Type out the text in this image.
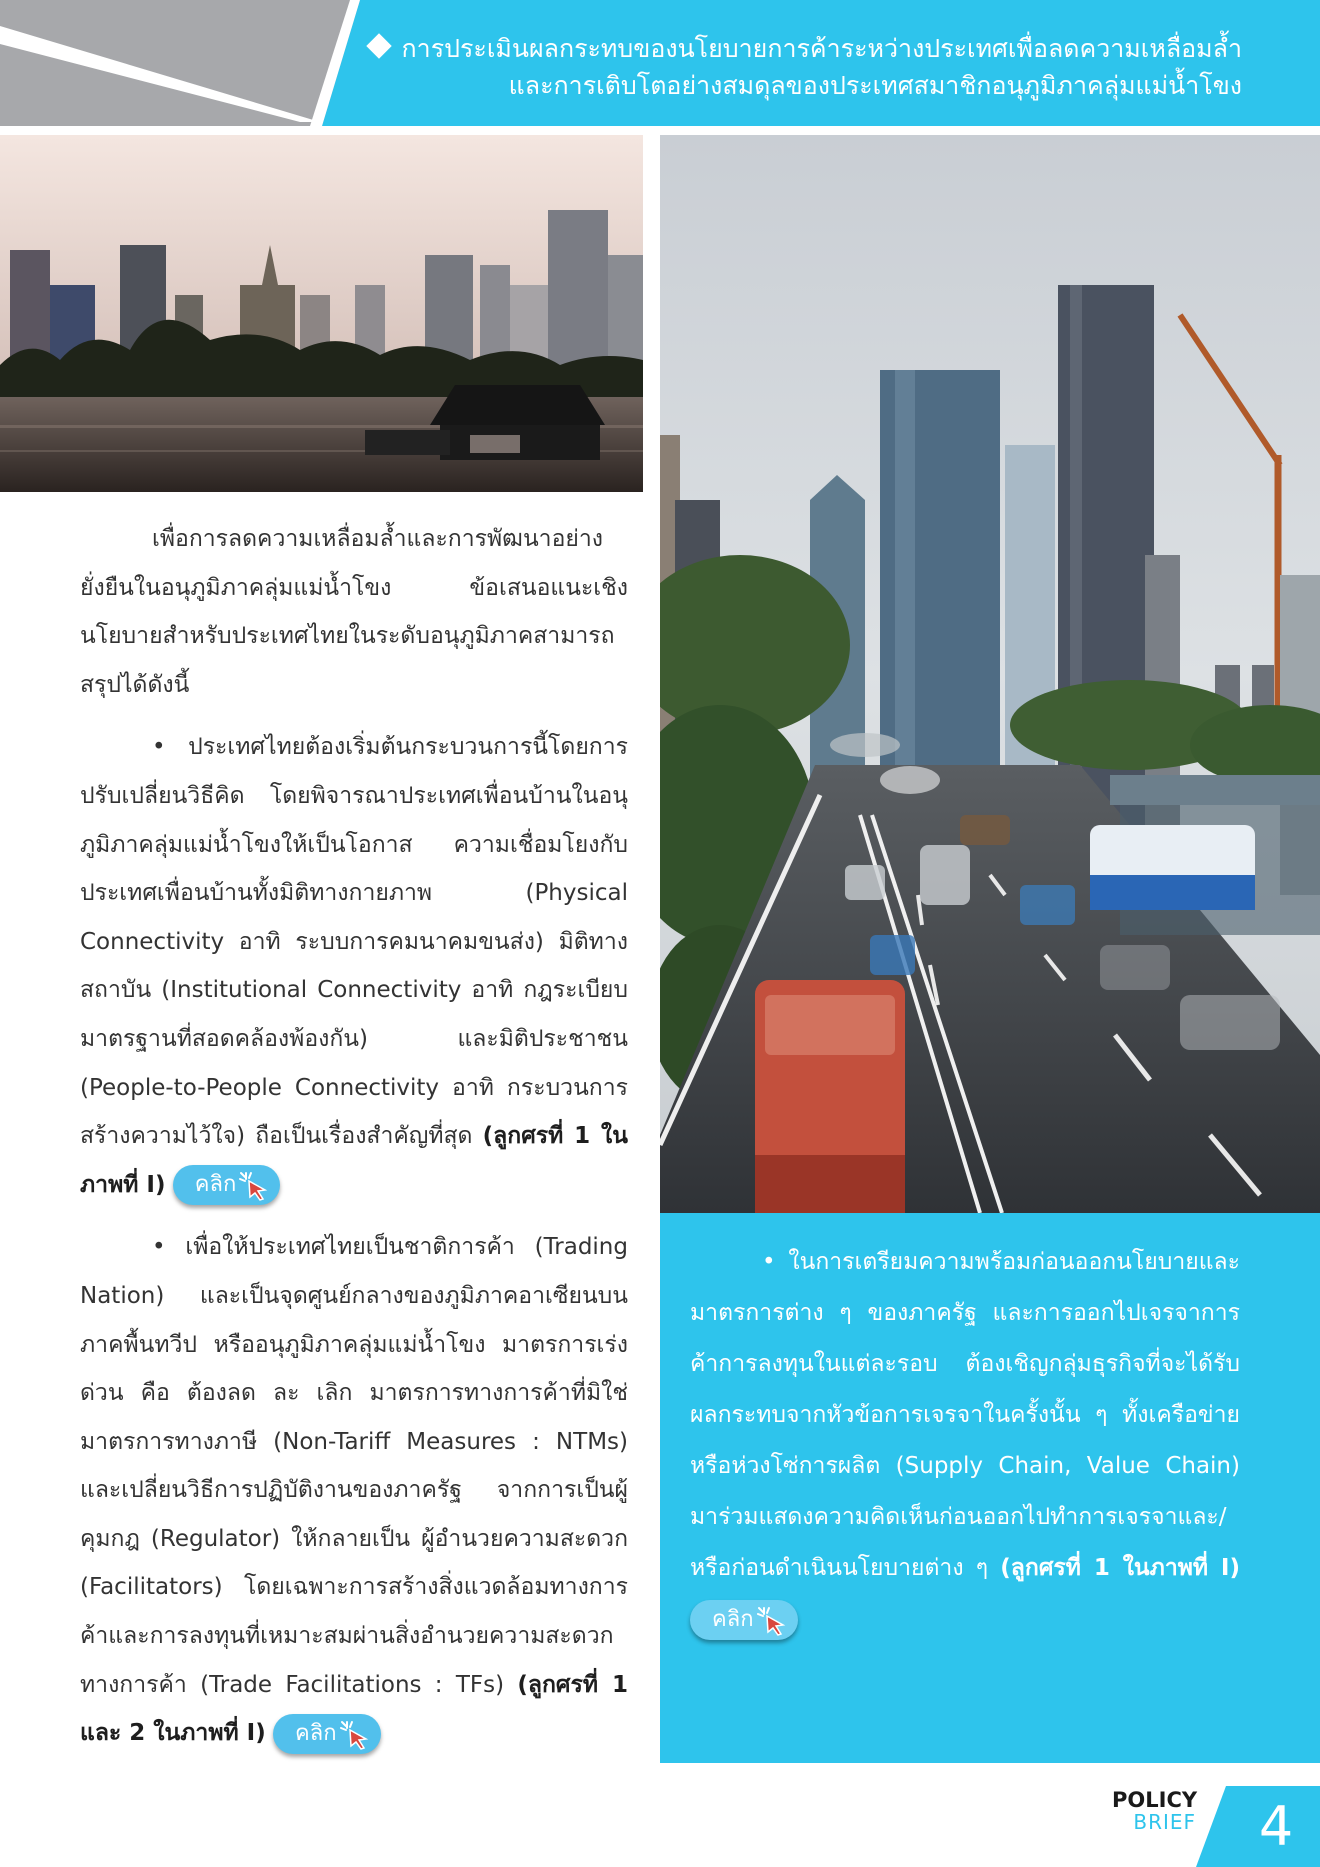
การประเมินผลกระทบของนโยบายการค้าระหว่างประเทศเพื่อลดความเหลื่อมล้ำ
และการเติบโตอย่างสมดุลของประเทศสมาชิกอนุภูมิภาคลุ่มแม่น้ำโขง

เพื่อการลดความเหลื่อมล้ำและการพัฒนาอย่างยั่งยืนในอนุภูมิภาคลุ่มแม่น้ำโขง ข้อเสนอแนะเชิงนโยบายสำหรับประเทศไทยในระดับอนุภูมิภาคสามารถสรุปได้ดังนี้

• ประเทศไทยต้องเริ่มต้นกระบวนการนี้โดยการปรับเปลี่ยนวิธีคิด โดยพิจารณาประเทศเพื่อนบ้านในอนุภูมิภาคลุ่มแม่น้ำโขงให้เป็นโอกาส ความเชื่อมโยงกับประเทศเพื่อนบ้านทั้งมิติทางกายภาพ (Physical Connectivity อาทิ ระบบการคมนาคมขนส่ง) มิติทางสถาบัน (Institutional Connectivity อาทิ กฎระเบียบ มาตรฐานที่สอดคล้องพ้องกัน) และมิติประชาชน (People-to-People Connectivity อาทิ กระบวนการสร้างความไว้ใจ) ถือเป็นเรื่องสำคัญที่สุด (ลูกศรที่ 1 ในภาพที่ I) คลิก

• เพื่อให้ประเทศไทยเป็นชาติการค้า (Trading Nation) และเป็นจุดศูนย์กลางของภูมิภาคอาเซียนบนภาคพื้นทวีป หรืออนุภูมิภาคลุ่มแม่น้ำโขง มาตรการเร่งด่วน คือ ต้องลด ละ เลิก มาตรการทางการค้าที่มิใช่มาตรการทางภาษี (Non-Tariff Measures : NTMs) และเปลี่ยนวิธีการปฏิบัติงานของภาครัฐ จากการเป็นผู้คุมกฎ (Regulator) ให้กลายเป็น ผู้อำนวยความสะดวก (Facilitators) โดยเฉพาะการสร้างสิ่งแวดล้อมทางการค้าและการลงทุนที่เหมาะสมผ่านสิ่งอำนวยความสะดวกทางการค้า (Trade Facilitations : TFs) (ลูกศรที่ 1 และ 2 ในภาพที่ I) คลิก

• ในการเตรียมความพร้อมก่อนออกนโยบายและมาตรการต่าง ๆ ของภาครัฐ และการออกไปเจรจาการค้าการลงทุนในแต่ละรอบ ต้องเชิญกลุ่มธุรกิจที่จะได้รับผลกระทบจากหัวข้อการเจรจาในครั้งนั้น ๆ ทั้งเครือข่ายหรือห่วงโซ่การผลิต (Supply Chain, Value Chain) มาร่วมแสดงความคิดเห็นก่อนออกไปทำการเจรจาและ/หรือก่อนดำเนินนโยบายต่าง ๆ (ลูกศรที่ 1 ในภาพที่ I) คลิก

POLICY
BRIEF	4
